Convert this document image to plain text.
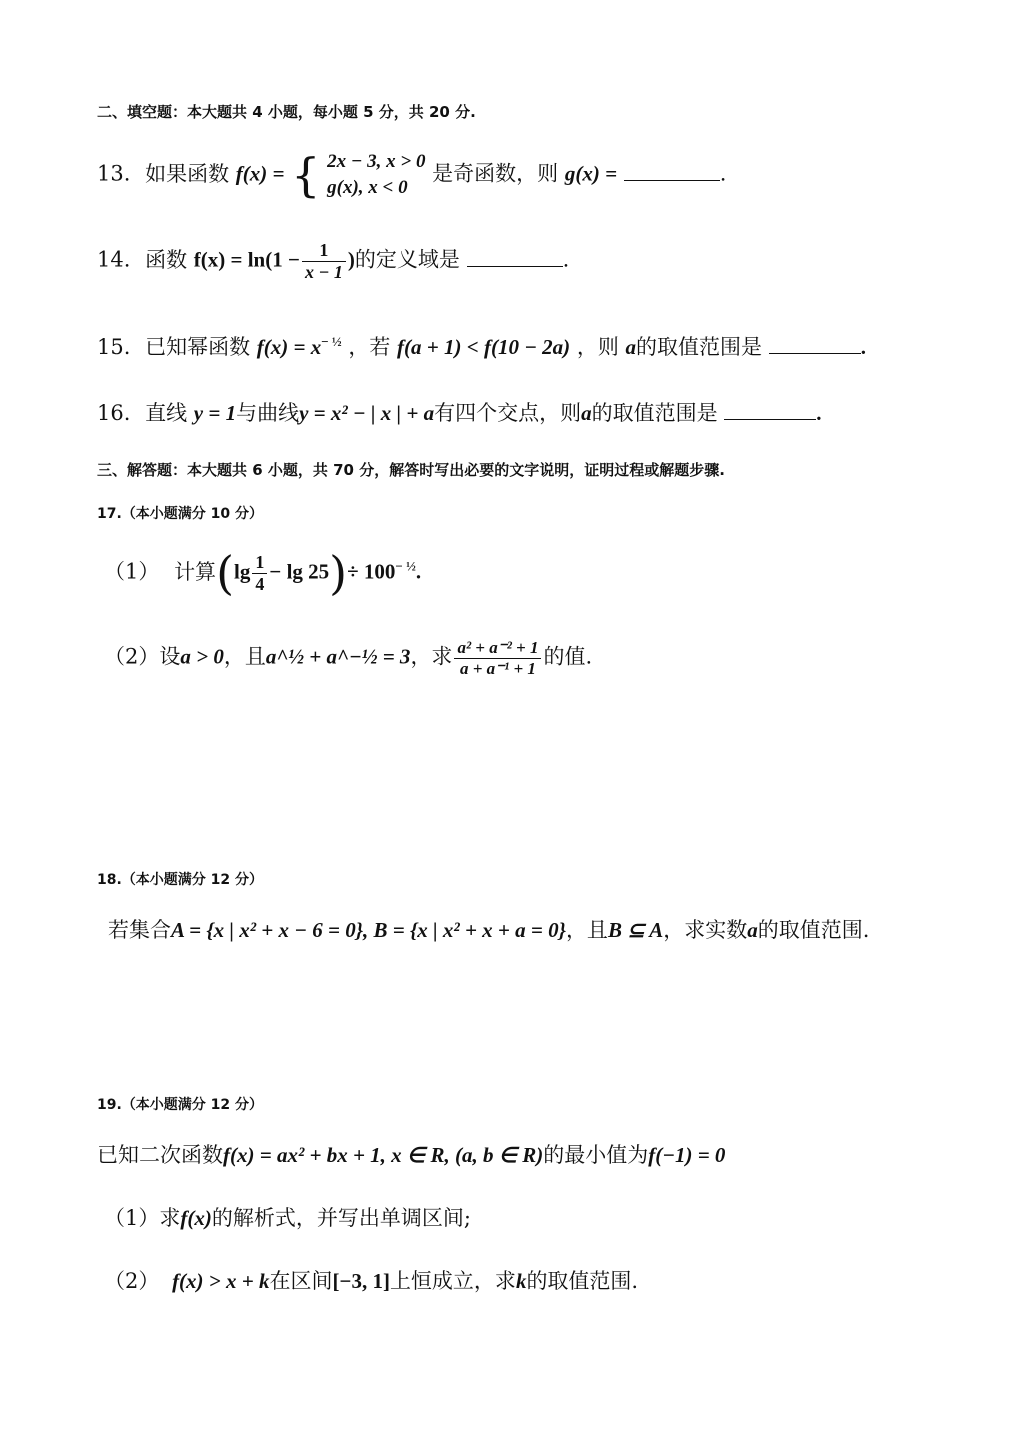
二、填空题：本大题共 4 小题，每小题 5 分，共 20 分.
13. 如果函数 f(x) = { 2x − 3, x > 0
g(x), x < 0
是奇函数，则 g(x) =	.
14. 函数 $f(x) = \ln(1 - \frac{1}{x - 1}$ )的定义域是	.
15. 已知幂函数 $f(x) = x^{- \frac{1}{2}}$ ，若 f(a + 1) < f(10 − 2a) ，则 a的取值范围是	.
16. 直线 y = 1与曲线y = x² − | x | + a有四个交点，则a的取值范围是	.
三、解答题：本大题共 6 小题，共 70 分，解答时写出必要的文字说明，证明过程或解题步骤.
17.（本小题满分 10 分）
（1） 计算$(\lg \frac{1}{4} - \lg 25)\div 100^{- \frac{1}{2}}$.
（2）设a > 0，且a^½ + a^−½ = 3，求 $\frac{\text{a² + a⁻² + 1}}{\text{a + a⁻¹ + 1}}$ 的值.
18.（本小题满分 12 分）
若集合A = {x | x² + x − 6 = 0}, B = {x | x² + x + a = 0}，且B ⊆ A，求实数a的取值范围.
19.（本小题满分 12 分）
已知二次函数f(x) = ax² + bx + 1, x ∈ R, (a, b ∈ R)的最小值为f(−1) = 0
（1）求f(x)的解析式，并写出单调区间;
（2） f(x) > x + k在区间[−3, 1]上恒成立，求k的取值范围.
